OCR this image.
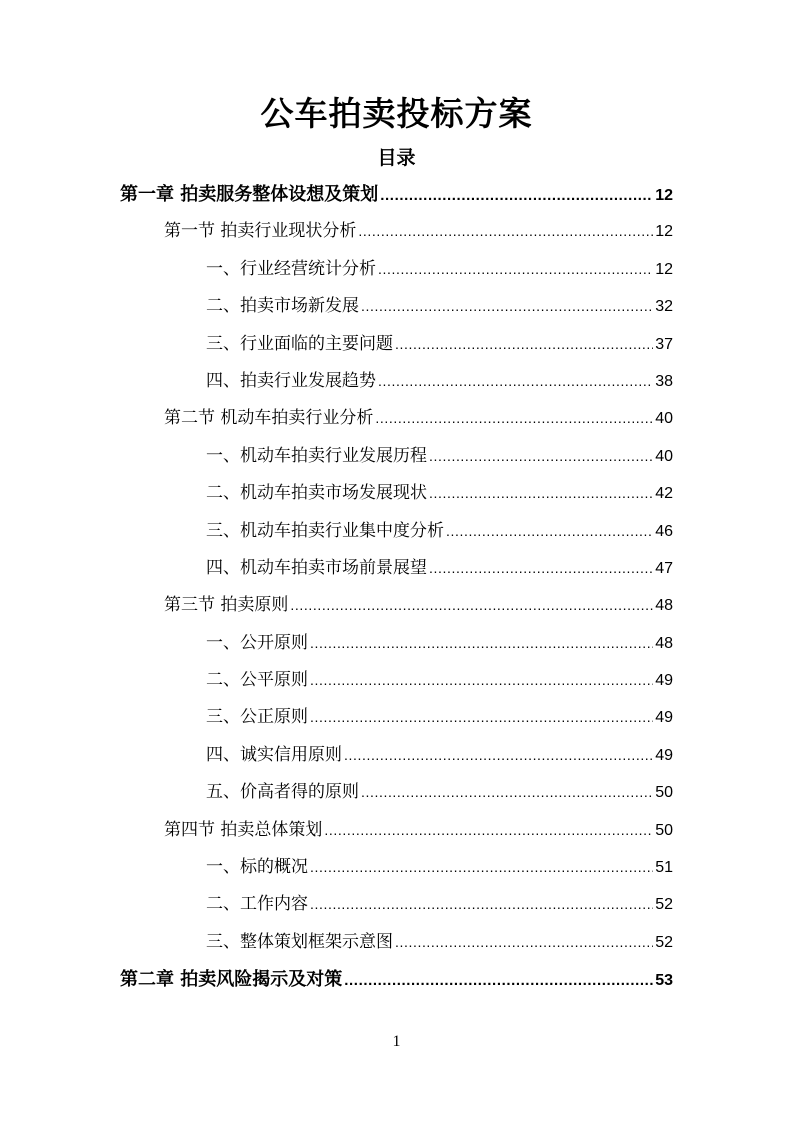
公车拍卖投标方案
目录
第一章 拍卖服务整体设想及策划 .....	12
第一节 拍卖行业现状分析 .....	12
一、行业经营统计分析 .....	12
二、拍卖市场新发展 .....	32
三、行业面临的主要问题 .....	37
四、拍卖行业发展趋势 .....	38
第二节 机动车拍卖行业分析 .....	40
一、机动车拍卖行业发展历程 .....	40
二、机动车拍卖市场发展现状 .....	42
三、机动车拍卖行业集中度分析 .....	46
四、机动车拍卖市场前景展望 .....	47
第三节 拍卖原则 .....	48
一、公开原则 .....	48
二、公平原则 .....	49
三、公正原则 .....	49
四、诚实信用原则 .....	49
五、价高者得的原则 .....	50
第四节 拍卖总体策划 .....	50
一、标的概况 .....	51
二、工作内容 .....	52
三、整体策划框架示意图 .....	52
第二章 拍卖风险揭示及对策 .....	53
1
